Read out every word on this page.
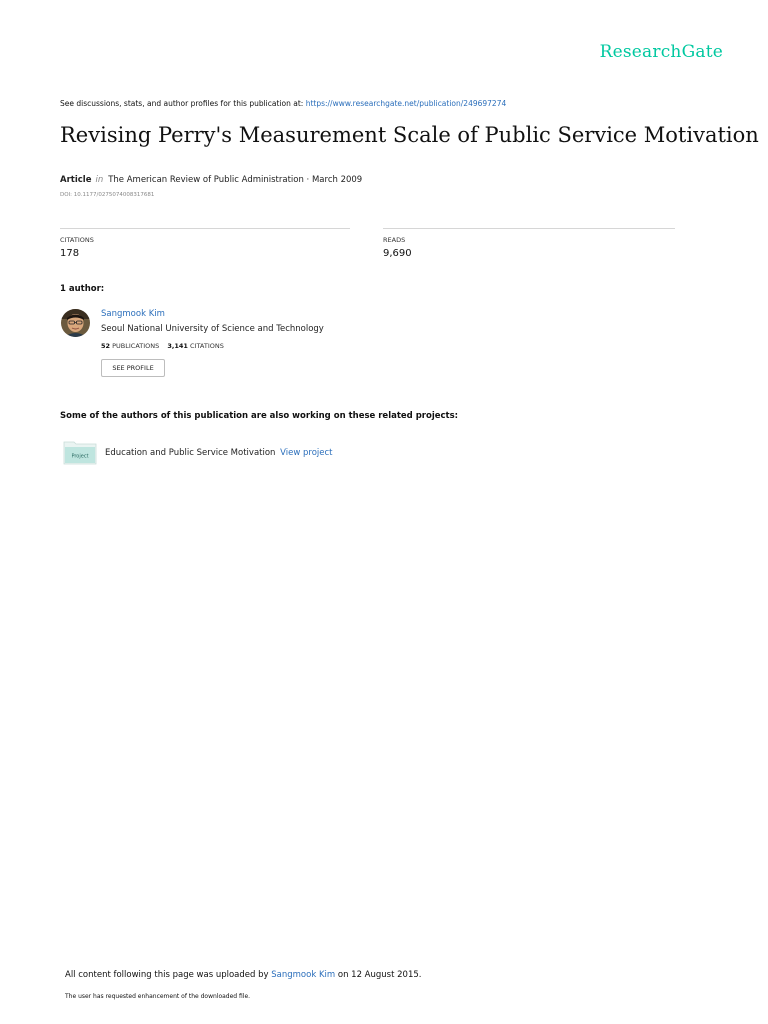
ResearchGate
See discussions, stats, and author profiles for this publication at: https://www.researchgate.net/publication/249697274
Revising Perry's Measurement Scale of Public Service Motivation
Article in The American Review of Public Administration · March 2009
DOI: 10.1177/0275074008317681
CITATIONS
178
READS
9,690
1 author:
Sangmook Kim
Seoul National University of Science and Technology
52 PUBLICATIONS 3,141 CITATIONS
SEE PROFILE
Some of the authors of this publication are also working on these related projects:
Project Education and Public Service Motivation View project
All content following this page was uploaded by Sangmook Kim on 12 August 2015.
The user has requested enhancement of the downloaded file.
